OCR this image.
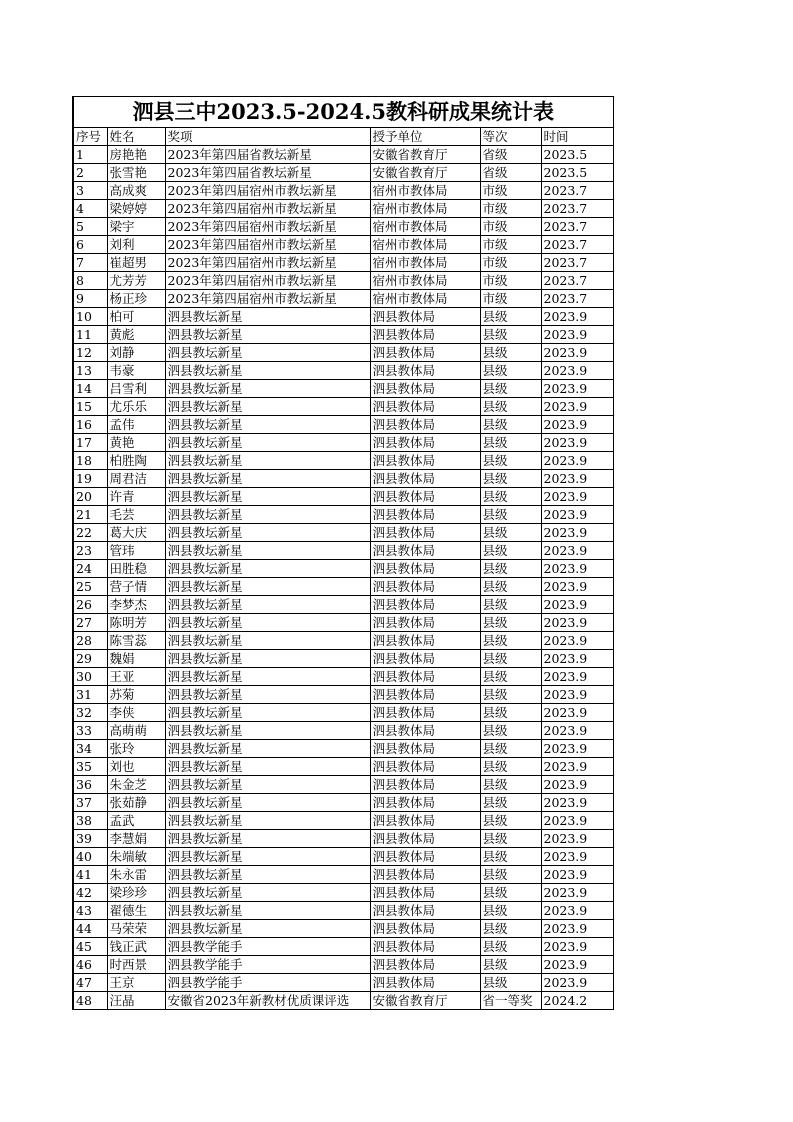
泗县三中2023.5-2024.5教科研成果统计表					
序号	姓名	奖项	授予单位	等次	时间
1	房艳艳	2023年第四届省教坛新星	安徽省教育厅	省级	2023.5
2	张雪艳	2023年第四届省教坛新星	安徽省教育厅	省级	2023.5
3	高成爽	2023年第四届宿州市教坛新星	宿州市教体局	市级	2023.7
4	梁婷婷	2023年第四届宿州市教坛新星	宿州市教体局	市级	2023.7
5	梁宇	2023年第四届宿州市教坛新星	宿州市教体局	市级	2023.7
6	刘利	2023年第四届宿州市教坛新星	宿州市教体局	市级	2023.7
7	崔超男	2023年第四届宿州市教坛新星	宿州市教体局	市级	2023.7
8	尤芳芳	2023年第四届宿州市教坛新星	宿州市教体局	市级	2023.7
9	杨正珍	2023年第四届宿州市教坛新星	宿州市教体局	市级	2023.7
10	柏可	泗县教坛新星	泗县教体局	县级	2023.9
11	黄彪	泗县教坛新星	泗县教体局	县级	2023.9
12	刘静	泗县教坛新星	泗县教体局	县级	2023.9
13	韦豪	泗县教坛新星	泗县教体局	县级	2023.9
14	吕雪利	泗县教坛新星	泗县教体局	县级	2023.9
15	尤乐乐	泗县教坛新星	泗县教体局	县级	2023.9
16	孟伟	泗县教坛新星	泗县教体局	县级	2023.9
17	黄艳	泗县教坛新星	泗县教体局	县级	2023.9
18	柏胜陶	泗县教坛新星	泗县教体局	县级	2023.9
19	周君洁	泗县教坛新星	泗县教体局	县级	2023.9
20	许青	泗县教坛新星	泗县教体局	县级	2023.9
21	毛芸	泗县教坛新星	泗县教体局	县级	2023.9
22	葛大庆	泗县教坛新星	泗县教体局	县级	2023.9
23	管玮	泗县教坛新星	泗县教体局	县级	2023.9
24	田胜稳	泗县教坛新星	泗县教体局	县级	2023.9
25	营子情	泗县教坛新星	泗县教体局	县级	2023.9
26	李梦杰	泗县教坛新星	泗县教体局	县级	2023.9
27	陈明芳	泗县教坛新星	泗县教体局	县级	2023.9
28	陈雪蕊	泗县教坛新星	泗县教体局	县级	2023.9
29	魏娟	泗县教坛新星	泗县教体局	县级	2023.9
30	王亚	泗县教坛新星	泗县教体局	县级	2023.9
31	苏菊	泗县教坛新星	泗县教体局	县级	2023.9
32	李侠	泗县教坛新星	泗县教体局	县级	2023.9
33	高萌萌	泗县教坛新星	泗县教体局	县级	2023.9
34	张玲	泗县教坛新星	泗县教体局	县级	2023.9
35	刘也	泗县教坛新星	泗县教体局	县级	2023.9
36	朱金芝	泗县教坛新星	泗县教体局	县级	2023.9
37	张茹静	泗县教坛新星	泗县教体局	县级	2023.9
38	孟武	泗县教坛新星	泗县教体局	县级	2023.9
39	李慧娟	泗县教坛新星	泗县教体局	县级	2023.9
40	朱端敏	泗县教坛新星	泗县教体局	县级	2023.9
41	朱永雷	泗县教坛新星	泗县教体局	县级	2023.9
42	梁珍珍	泗县教坛新星	泗县教体局	县级	2023.9
43	翟德生	泗县教坛新星	泗县教体局	县级	2023.9
44	马荣荣	泗县教坛新星	泗县教体局	县级	2023.9
45	钱正武	泗县教学能手	泗县教体局	县级	2023.9
46	时西景	泗县教学能手	泗县教体局	县级	2023.9
47	王京	泗县教学能手	泗县教体局	县级	2023.9
48	汪晶	安徽省2023年新教材优质课评选	安徽省教育厅	省一等奖	2024.2
